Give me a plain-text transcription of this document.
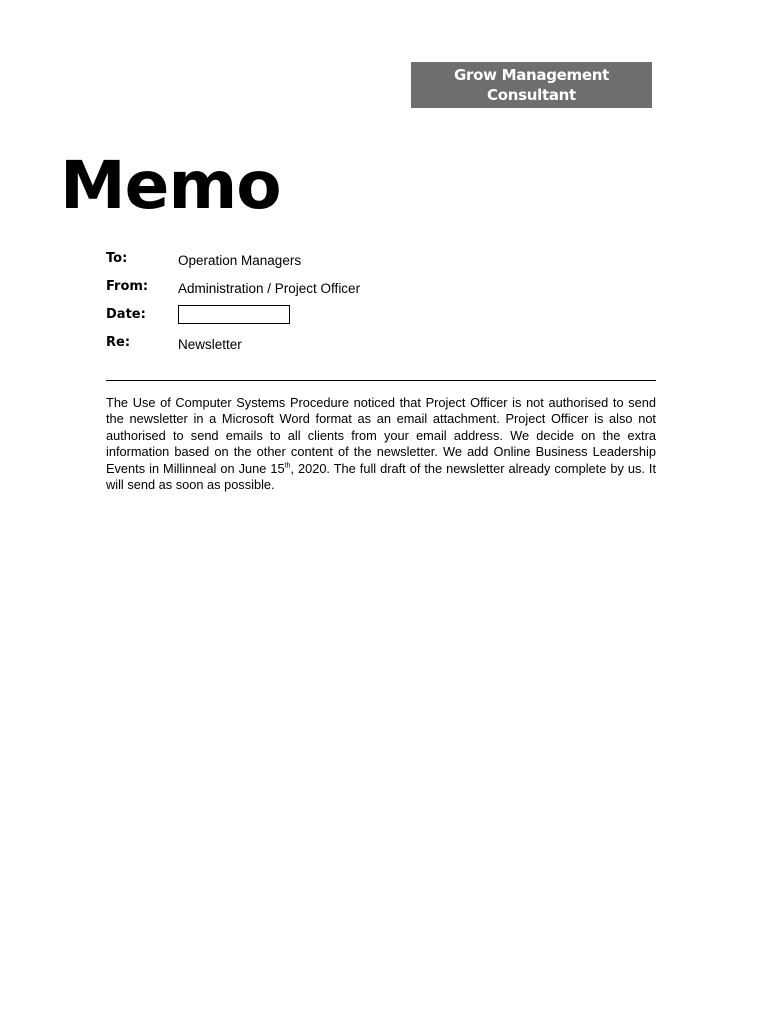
Grow Management Consultant
Memo
To:	Operation Managers
From: Administration / Project Officer
Date:
Re:	Newsletter

The Use of Computer Systems Procedure noticed that Project Officer is not authorised to send the newsletter in a Microsoft Word format as an email attachment. Project Officer is also not authorised to send emails to all clients from your email address. We decide on the extra information based on the other content of the newsletter. We add Online Business Leadership Events in Millinneal on June 15th, 2020. The full draft of the newsletter already complete by us. It will send as soon as possible.
